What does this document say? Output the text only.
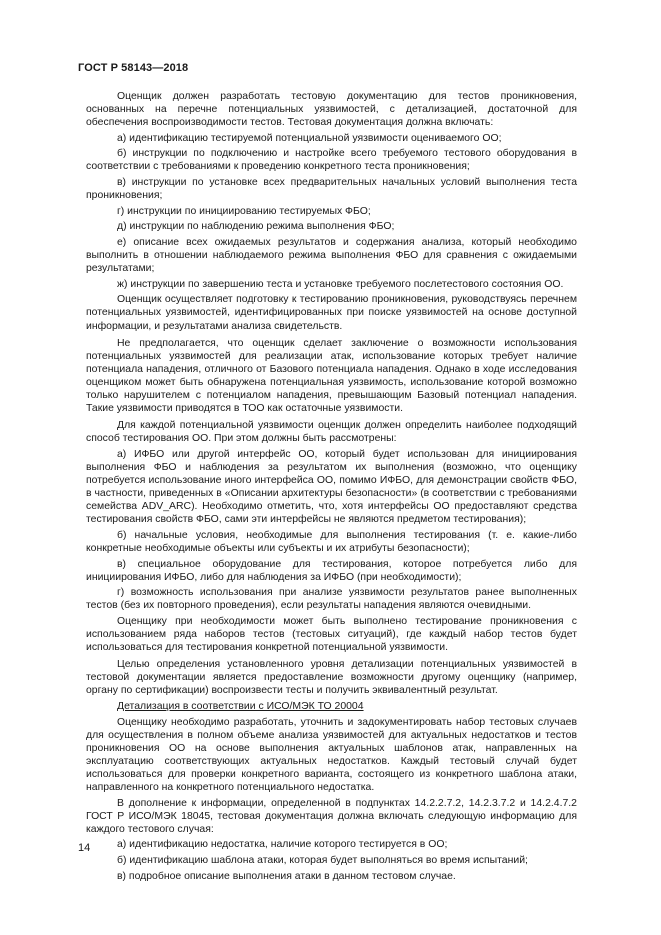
ГОСТ Р 58143—2018

Оценщик должен разработать тестовую документацию для тестов проникновения, основанных на перечне потенциальных уязвимостей, с детализацией, достаточной для обеспечения воспроизводимости тестов. Тестовая документация должна включать:

а) идентификацию тестируемой потенциальной уязвимости оцениваемого ОО;

б) инструкции по подключению и настройке всего требуемого тестового оборудования в соответствии с требованиями к проведению конкретного теста проникновения;

в) инструкции по установке всех предварительных начальных условий выполнения теста проникновения;

г) инструкции по инициированию тестируемых ФБО;

д) инструкции по наблюдению режима выполнения ФБО;

е) описание всех ожидаемых результатов и содержания анализа, который необходимо выполнить в отношении наблюдаемого режима выполнения ФБО для сравнения с ожидаемыми результатами;

ж) инструкции по завершению теста и установке требуемого послетестового состояния ОО.

Оценщик осуществляет подготовку к тестированию проникновения, руководствуясь перечнем потенциальных уязвимостей, идентифицированных при поиске уязвимостей на основе доступной информации, и результатами анализа свидетельств.

Не предполагается, что оценщик сделает заключение о возможности использования потенциальных уязвимостей для реализации атак, использование которых требует наличие потенциала нападения, отличного от Базового потенциала нападения. Однако в ходе исследования оценщиком может быть обнаружена потенциальная уязвимость, использование которой возможно только нарушителем с потенциалом нападения, превышающим Базовый потенциал нападения. Такие уязвимости приводятся в ТОО как остаточные уязвимости.

Для каждой потенциальной уязвимости оценщик должен определить наиболее подходящий способ тестирования ОО. При этом должны быть рассмотрены:

а) ИФБО или другой интерфейс ОО, который будет использован для инициирования выполнения ФБО и наблюдения за результатом их выполнения (возможно, что оценщику потребуется использование иного интерфейса ОО, помимо ИФБО, для демонстрации свойств ФБО, в частности, приведенных в «Описании архитектуры безопасности» (в соответствии с требованиями семейства ADV_ARC). Необходимо отметить, что, хотя интерфейсы ОО предоставляют средства тестирования свойств ФБО, сами эти интерфейсы не являются предметом тестирования);

б) начальные условия, необходимые для выполнения тестирования (т. е. какие-либо конкретные необходимые объекты или субъекты и их атрибуты безопасности);

в) специальное оборудование для тестирования, которое потребуется либо для инициирования ИФБО, либо для наблюдения за ИФБО (при необходимости);

г) возможность использования при анализе уязвимости результатов ранее выполненных тестов (без их повторного проведения), если результаты нападения являются очевидными.

Оценщику при необходимости может быть выполнено тестирование проникновения с использованием ряда наборов тестов (тестовых ситуаций), где каждый набор тестов будет использоваться для тестирования конкретной потенциальной уязвимости.

Целью определения установленного уровня детализации потенциальных уязвимостей в тестовой документации является предоставление возможности другому оценщику (например, органу по сертификации) воспроизвести тесты и получить эквивалентный результат.

Детализация в соответствии с ИСО/МЭК ТО 20004

Оценщику необходимо разработать, уточнить и задокументировать набор тестовых случаев для осуществления в полном объеме анализа уязвимостей для актуальных недостатков и тестов проникновения ОО на основе выполнения актуальных шаблонов атак, направленных на эксплуатацию соответствующих актуальных недостатков. Каждый тестовый случай будет использоваться для проверки конкретного варианта, состоящего из конкретного шаблона атаки, направленного на конкретного потенциального недостатка.

В дополнение к информации, определенной в подпунктах 14.2.2.7.2, 14.2.3.7.2 и 14.2.4.7.2 ГОСТ Р ИСО/МЭК 18045, тестовая документация должна включать следующую информацию для каждого тестового случая:

а) идентификацию недостатка, наличие которого тестируется в ОО;

б) идентификацию шаблона атаки, которая будет выполняться во время испытаний;

в) подробное описание выполнения атаки в данном тестовом случае.

14
